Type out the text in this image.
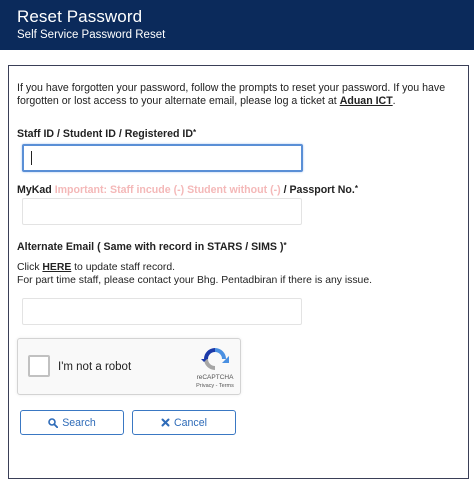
Reset Password
Self Service Password Reset
If you have forgotten your password, follow the prompts to reset your password. If you have forgotten or lost access to your alternate email, please log a ticket at Aduan ICT.
Staff ID / Student ID / Registered ID*
MyKad Important: Staff incude (-) Student without (-) / Passport No.*
Alternate Email ( Same with record in STARS / SIMS )*
Click HERE to update staff record.
For part time staff, please contact your Bhg. Pentadbiran if there is any issue.
I'm not a robot
reCAPTCHA
Privacy - Terms
Search	Cancel
